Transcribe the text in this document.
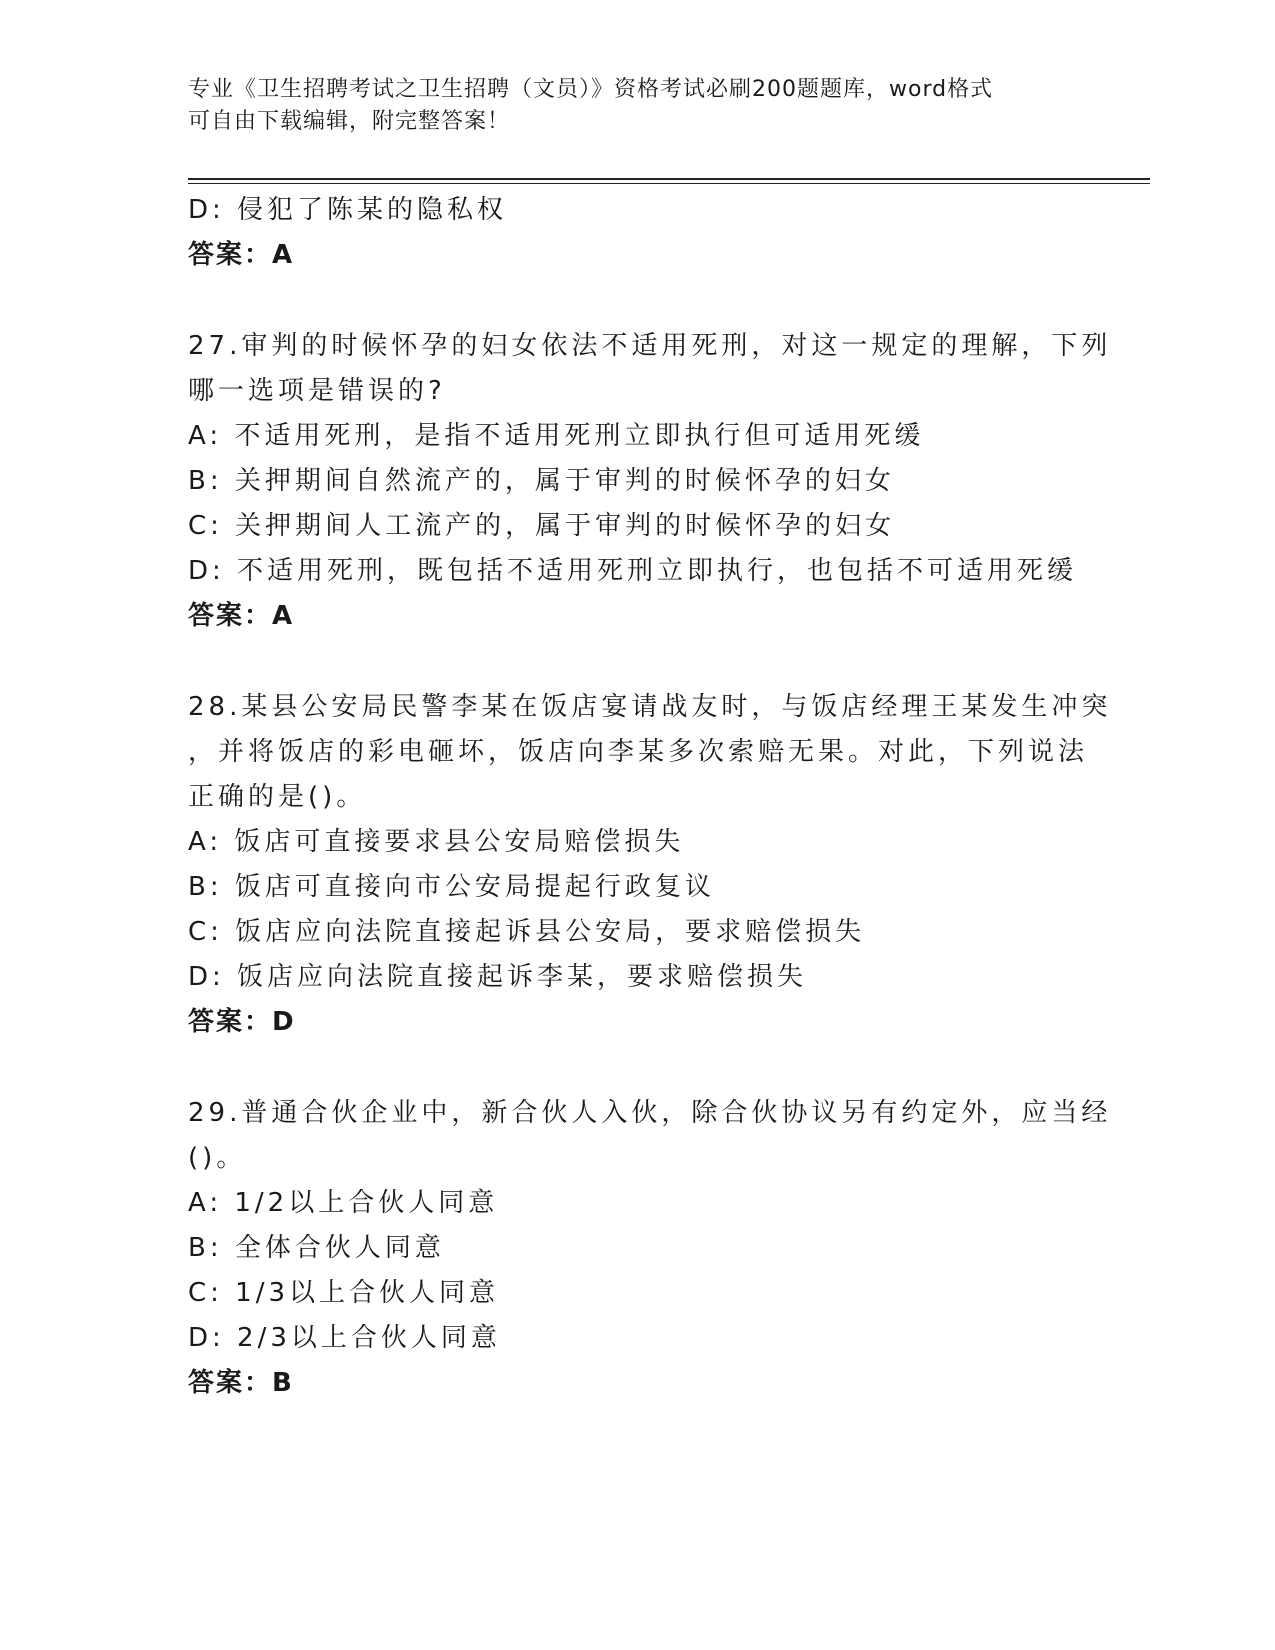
专业《卫生招聘考试之卫生招聘（文员）》资格考试必刷200题题库，word格式
可自由下载编辑，附完整答案！
D: 侵犯了陈某的隐私权
答案：A
27.审判的时候怀孕的妇女依法不适用死刑，对这一规定的理解，下列
哪一选项是错误的?
A: 不适用死刑，是指不适用死刑立即执行但可适用死缓
B: 关押期间自然流产的，属于审判的时候怀孕的妇女
C: 关押期间人工流产的，属于审判的时候怀孕的妇女
D: 不适用死刑，既包括不适用死刑立即执行，也包括不可适用死缓
答案：A
28.某县公安局民警李某在饭店宴请战友时，与饭店经理王某发生冲突
，并将饭店的彩电砸坏，饭店向李某多次索赔无果。对此，下列说法
正确的是()。
A: 饭店可直接要求县公安局赔偿损失
B: 饭店可直接向市公安局提起行政复议
C: 饭店应向法院直接起诉县公安局，要求赔偿损失
D: 饭店应向法院直接起诉李某，要求赔偿损失
答案：D
29.普通合伙企业中，新合伙人入伙，除合伙协议另有约定外，应当经
()。
A: 1/2以上合伙人同意
B: 全体合伙人同意
C: 1/3以上合伙人同意
D: 2/3以上合伙人同意
答案：B
